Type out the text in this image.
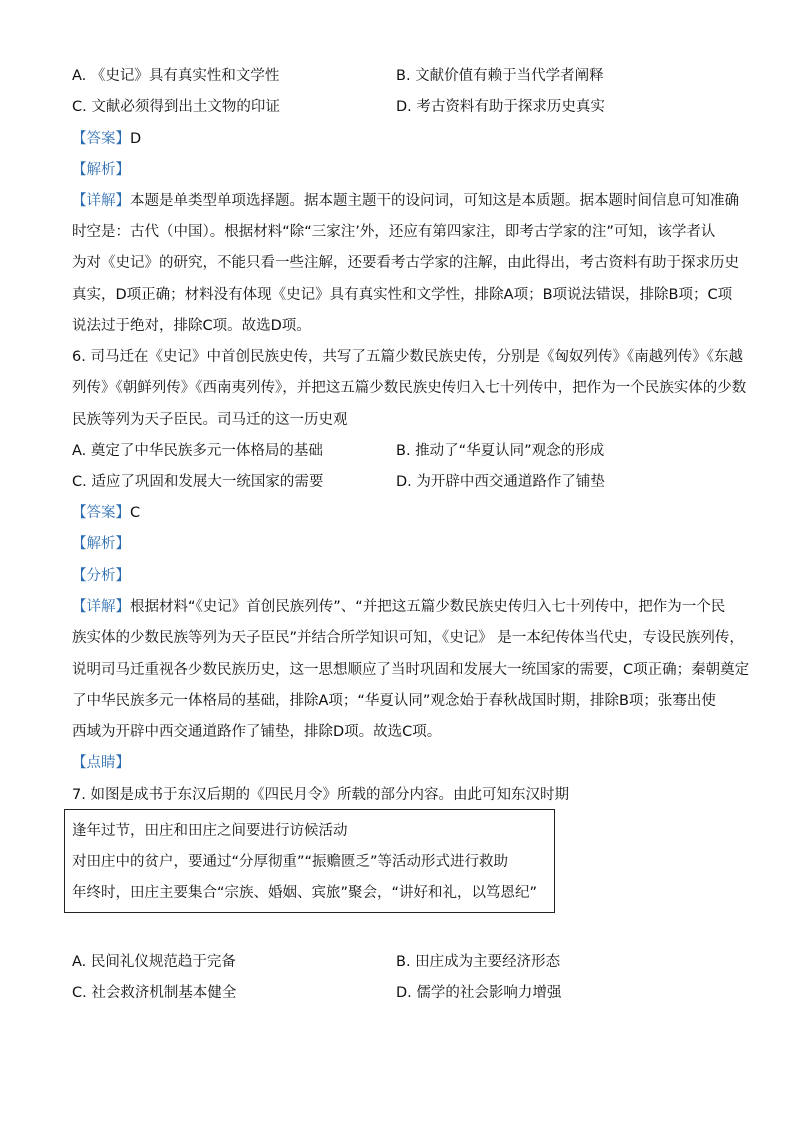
A. 《史记》具有真实性和文学性	B. 文献价值有赖于当代学者阐释
C. 文献必须得到出土文物的印证	D. 考古资料有助于探求历史真实
【答案】D
【解析】
【详解】本题是单类型单项选择题。据本题主题干的设问词，可知这是本质题。据本题时间信息可知准确
时空是：古代（中国）。根据材料“除“三家注’外，还应有第四家注，即考古学家的注”可知，该学者认
为对《史记》的研究，不能只看一些注解，还要看考古学家的注解，由此得出，考古资料有助于探求历史
真实，D项正确；材料没有体现《史记》具有真实性和文学性，排除A项；B项说法错误，排除B项；C项
说法过于绝对，排除C项。故选D项。
6. 司马迁在《史记》中首创民族史传，共写了五篇少数民族史传，分别是《匈奴列传》《南越列传》《东越
列传》《朝鲜列传》《西南夷列传》，并把这五篇少数民族史传归入七十列传中，把作为一个民族实体的少数
民族等列为天子臣民。司马迁的这一历史观
A. 奠定了中华民族多元一体格局的基础	B. 推动了“华夏认同”观念的形成
C. 适应了巩固和发展大一统国家的需要	D. 为开辟中西交通道路作了铺垫
【答案】C
【解析】
【分析】
【详解】根据材料“《史记》首创民族列传”、“并把这五篇少数民族史传归入七十列传中，把作为一个民
族实体的少数民族等列为天子臣民”并结合所学知识可知，《史记》 是一本纪传体当代史，专设民族列传，
说明司马迁重视各少数民族历史，这一思想顺应了当时巩固和发展大一统国家的需要，C项正确；秦朝奠定
了中华民族多元一体格局的基础，排除A项；“华夏认同”观念始于春秋战国时期，排除B项；张骞出使
西域为开辟中西交通道路作了铺垫，排除D项。故选C项。
【点睛】
7. 如图是成书于东汉后期的《四民月令》所载的部分内容。由此可知东汉时期
逢年过节，田庄和田庄之间要进行访候活动
对田庄中的贫户，要通过“分厚彻重”“振赡匮乏”等活动形式进行救助
年终时，田庄主要集合“宗族、婚姻、宾旅”聚会，“讲好和礼，以笃恩纪”
A. 民间礼仪规范趋于完备	B. 田庄成为主要经济形态
C. 社会救济机制基本健全	D. 儒学的社会影响力增强
